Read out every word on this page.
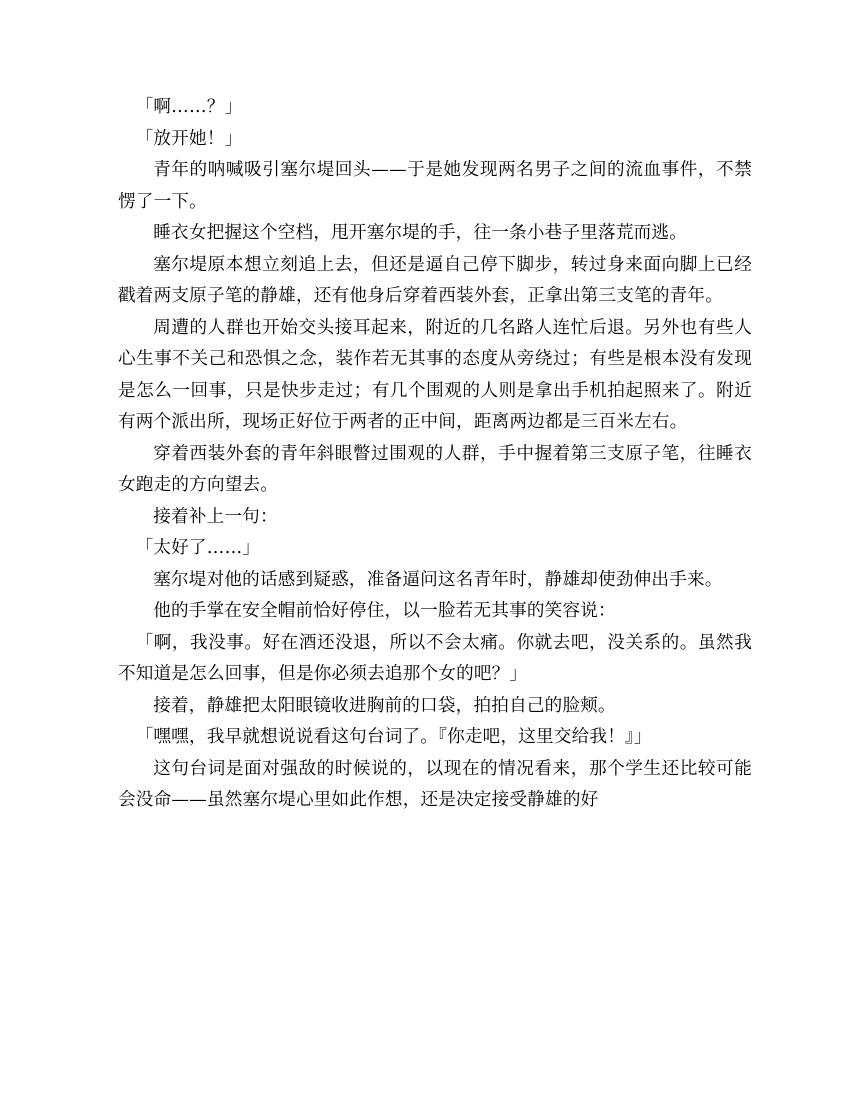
「啊……？」

「放开她！」

青年的呐喊吸引塞尔堤回头——于是她发现两名男子之间的流血事件，不禁愣了一下。

睡衣女把握这个空档，甩开塞尔堤的手，往一条小巷子里落荒而逃。

塞尔堤原本想立刻追上去，但还是逼自己停下脚步，转过身来面向脚上已经戳着两支原子笔的静雄，还有他身后穿着西装外套，正拿出第三支笔的青年。

周遭的人群也开始交头接耳起来，附近的几名路人连忙后退。另外也有些人心生事不关己和恐惧之念，装作若无其事的态度从旁绕过；有些是根本没有发现是怎么一回事，只是快步走过；有几个围观的人则是拿出手机拍起照来了。附近有两个派出所，现场正好位于两者的正中间，距离两边都是三百米左右。

穿着西装外套的青年斜眼瞥过围观的人群，手中握着第三支原子笔，往睡衣女跑走的方向望去。

接着补上一句：

「太好了……」

塞尔堤对他的话感到疑惑，准备逼问这名青年时，静雄却使劲伸出手来。

他的手掌在安全帽前恰好停住，以一脸若无其事的笑容说：

「啊，我没事。好在酒还没退，所以不会太痛。你就去吧，没关系的。虽然我不知道是怎么回事，但是你必须去追那个女的吧？」

接着，静雄把太阳眼镜收进胸前的口袋，拍拍自己的脸颊。

「嘿嘿，我早就想说说看这句台词了。『你走吧，这里交给我！』」

这句台词是面对强敌的时候说的，以现在的情况看来，那个学生还比较可能会没命——虽然塞尔堤心里如此作想，还是决定接受静雄的好
